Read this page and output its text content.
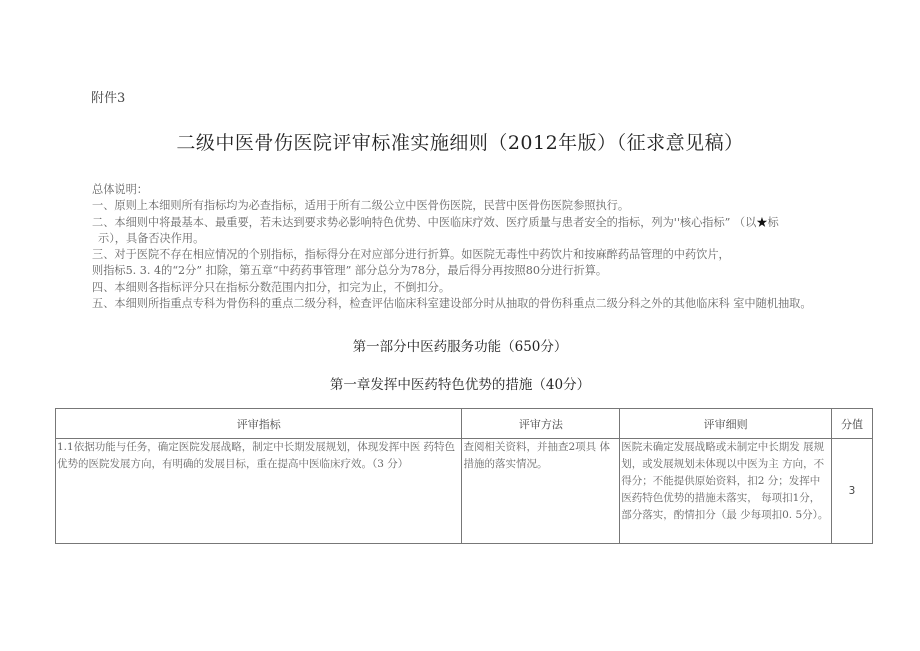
附件3
二级中医骨伤医院评审标准实施细则（2012年版）（征求意见稿）
总体说明：
一、原则上本细则所有指标均为必查指标，适用于所有二级公立中医骨伤医院，民营中医骨伤医院参照执行。
二、本细则中将最基本、最重要，若未达到要求势必影响特色优势、中医临床疗效、医疗质量与患者安全的指标，列为''核心指标” （以★标
示），具备否决作用。
三、对于医院不存在相应情况的个别指标，指标得分在对应部分进行折算。如医院无毒性中药饮片和按麻醉药品管理的中药饮片，
则指标5. 3. 4的“2分” 扣除，第五章“中药药事管理” 部分总分为78分，最后得分再按照80分进行折算。
四、本细则各指标评分只在指标分数范围内扣分，扣完为止，不倒扣分。
五、本细则所指重点专科为骨伤科的重点二级分科，检查评估临床科室建设部分时从抽取的骨伤科重点二级分科之外的其他临床科 室中随机抽取。
第一部分中医药服务功能（650分）
第一章发挥中医药特色优势的措施（40分）
评审指标	评审方法	评审细则	分值
1.1依据功能与任务，确定医院发展战略，制定中长期发展规划，体现发挥中医 药特色优势的医院发展方向，有明确的发展目标，重在提高中医临床疗效。（3 分）	查阅相关资料，并抽查2项具 体措施的落实情况。	医院未确定发展战略或未制定中长期发 展规划，或发展规划未体现以中医为主 方向，不得分；不能提供原始资料，扣2 分；发挥中医药特色优势的措施未落实， 每项扣1分，部分落实，酌情扣分（最 少每项扣0. 5分）。	3
